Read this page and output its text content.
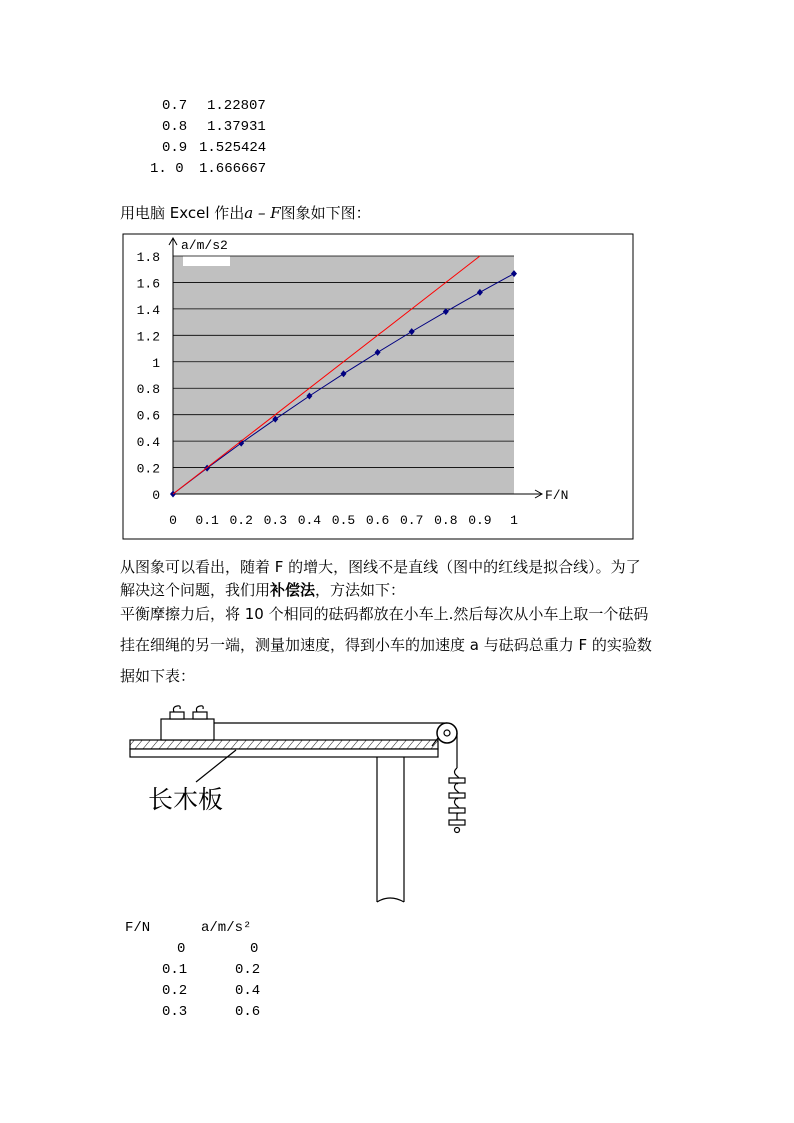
0.7 1.22807
0.8 1.37931
0.9 1.525424
1. 0 1.666667
用电脑 Excel 作出a – F图象如下图：
0
0.2
0.4
0.6
0.8
1
1.2
1.4
1.6
1.8
0 0.1 0.2 0.3 0.4 0.5 0.6 0.7 0.8 0.9 1
a/m/s2
F/N
从图象可以看出，随着 F 的增大，图线不是直线（图中的红线是拟合线）。为了
解决这个问题，我们用补偿法，方法如下：
平衡摩擦力后，将 10 个相同的砝码都放在小车上.然后每次从小车上取一个砝码
挂在细绳的另一端，测量加速度，得到小车的加速度 a 与砝码总重力 F 的实验数
据如下表：
长木板
F/N	a/m/s²
0	0
0.1	0.2
0.2	0.4
0.3	0.6
